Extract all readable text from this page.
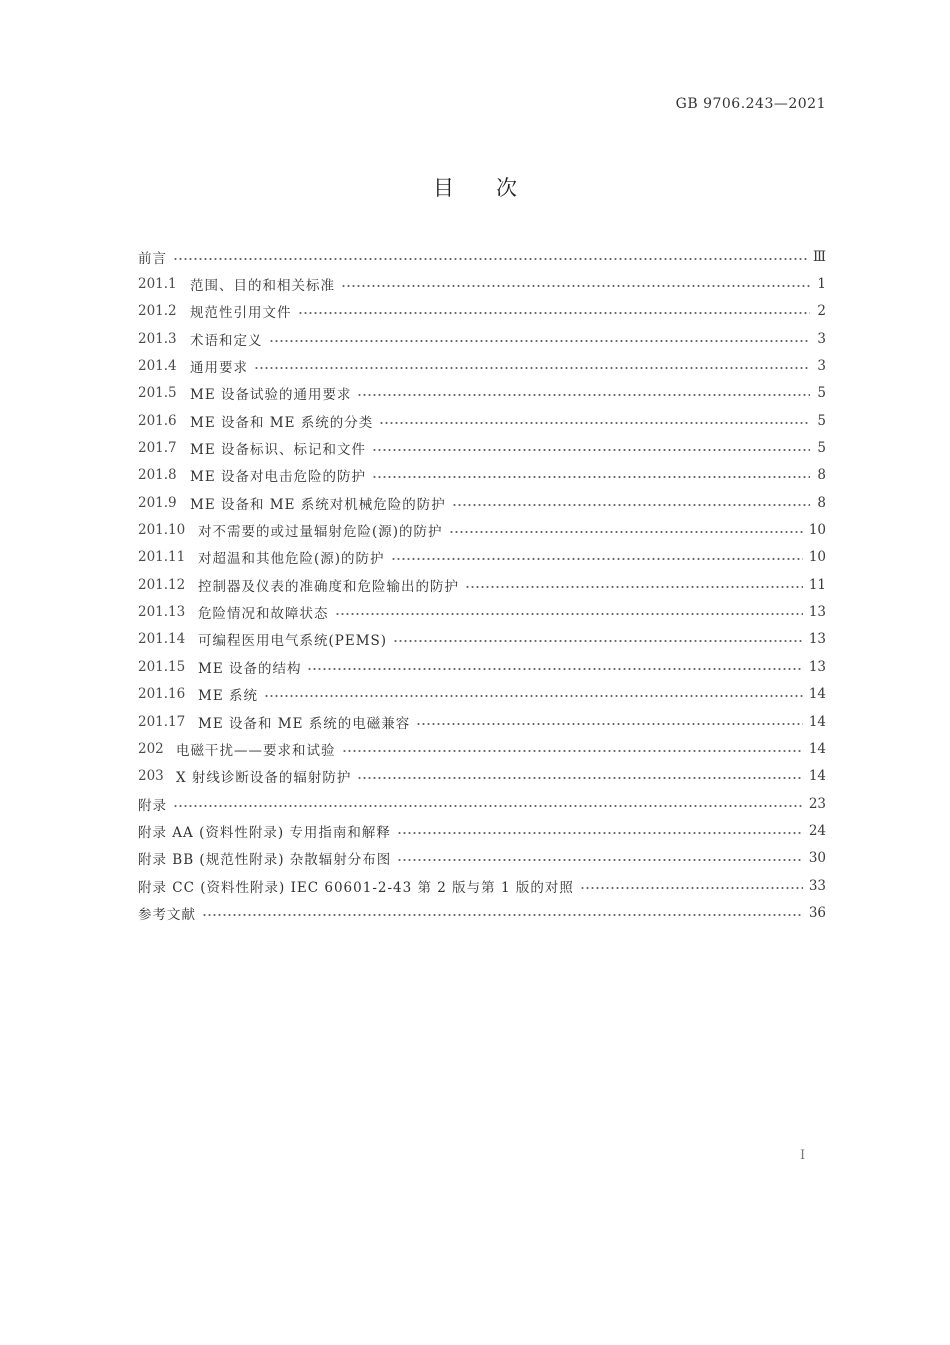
GB 9706.243—2021
目次
前言	Ⅲ
201.1 范围、目的和相关标准	1
201.2 规范性引用文件	2
201.3 术语和定义	3
201.4 通用要求	3
201.5 ME 设备试验的通用要求	5
201.6 ME 设备和 ME 系统的分类	5
201.7 ME 设备标识、标记和文件	5
201.8 ME 设备对电击危险的防护	8
201.9 ME 设备和 ME 系统对机械危险的防护	8
201.10 对不需要的或过量辐射危险(源)的防护	10
201.11 对超温和其他危险(源)的防护	10
201.12 控制器及仪表的准确度和危险输出的防护	11
201.13 危险情况和故障状态	13
201.14 可编程医用电气系统(PEMS)	13
201.15 ME 设备的结构	13
201.16 ME 系统	14
201.17 ME 设备和 ME 系统的电磁兼容	14
202 电磁干扰——要求和试验	14
203 X 射线诊断设备的辐射防护	14
附录	23
附录 AA (资料性附录) 专用指南和解释	24
附录 BB (规范性附录) 杂散辐射分布图	30
附录 CC (资料性附录) IEC 60601-2-43 第 2 版与第 1 版的对照	33
参考文献	36
I
